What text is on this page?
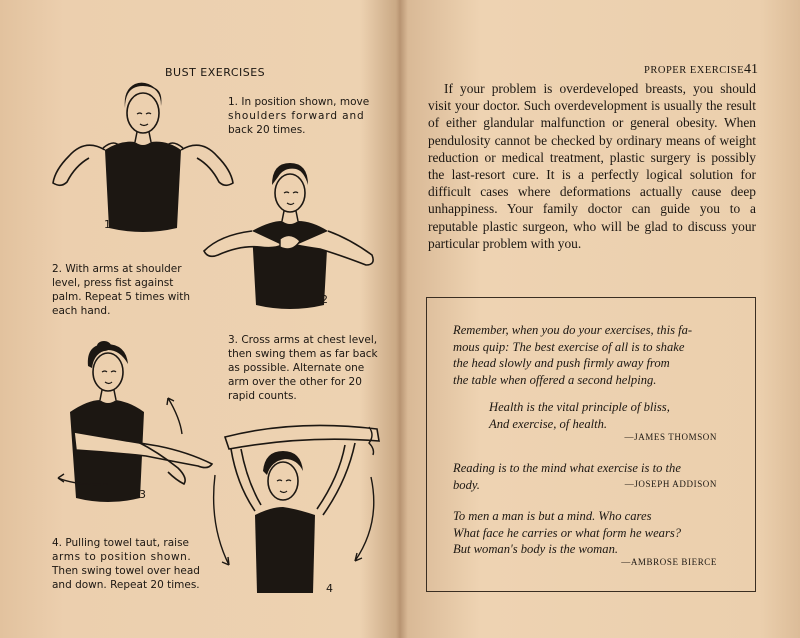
BUST EXERCISES
1. In position shown, move
shoulders forward and
back 20 times.
1
2
2. With arms at shoulder
level, press fist against
palm. Repeat 5 times with
each hand.
3. Cross arms at chest level,
then swing them as far back
as possible. Alternate one
arm over the other for 20
rapid counts.
3
4
4. Pulling towel taut, raise
arms to position shown.
Then swing towel over head
and down. Repeat 20 times.
PROPER EXERCISE 41
If your problem is overdeveloped breasts, you should visit your doctor. Such overdevelopment is usually the result of either glandular malfunction or general obesity. When pendulosity cannot be checked by ordinary means of weight reduction or medical treatment, plastic surgery is possibly the last-resort cure. It is a perfectly logical solution for difficult cases where deformations actually cause deep unhappiness. Your family doctor can guide you to a reputable plastic surgeon, who will be glad to discuss your particular problem with you.
Remember, when you do your exercises, this fa-
mous quip: The best exercise of all is to shake
the head slowly and push firmly away from
the table when offered a second helping.
Health is the vital principle of bliss,
And exercise, of health.
—JAMES THOMSON
Reading is to the mind what exercise is to the
body.	—JOSEPH ADDISON
To men a man is but a mind. Who cares
What face he carries or what form he wears?
But woman's body is the woman.
—AMBROSE BIERCE
